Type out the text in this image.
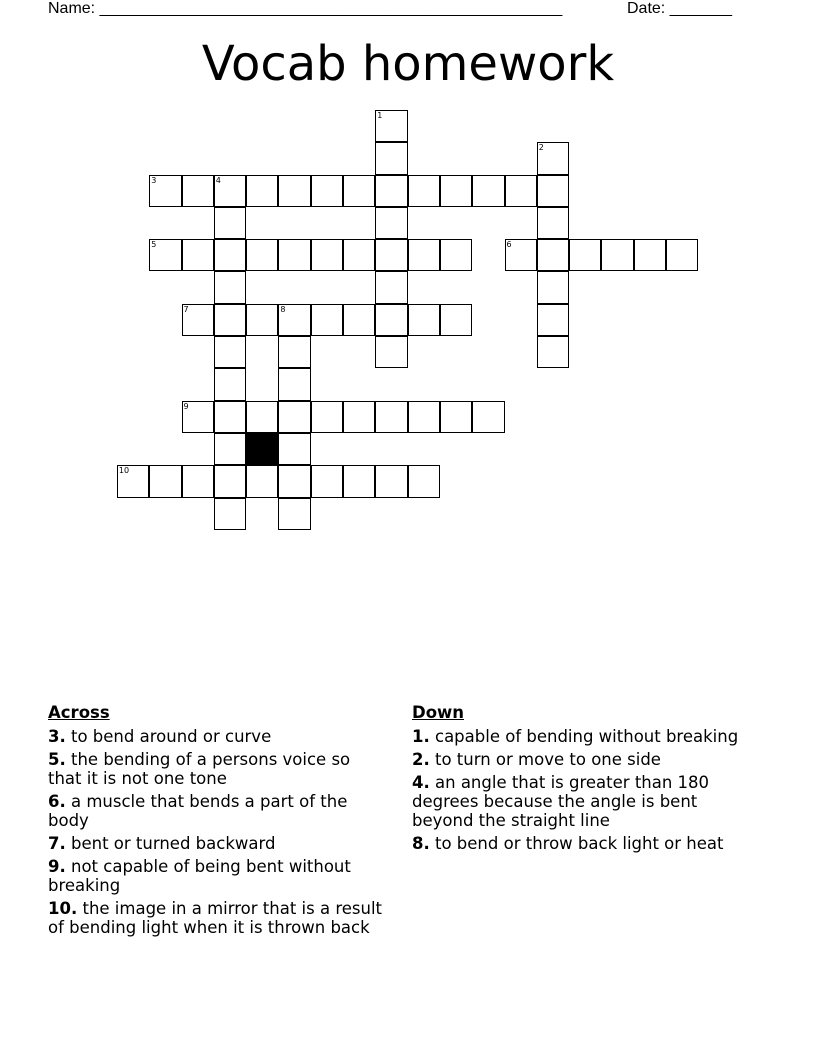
Name: ____________________________________________________	Date: _______
Vocab homework
1
2
3	4
5	6
7	8
9
10
Across
3. to bend around or curve
5. the bending of a persons voice so that it is not one tone
6. a muscle that bends a part of the body
7. bent or turned backward
9. not capable of being bent without breaking
10. the image in a mirror that is a result of bending light when it is thrown back
Down
1. capable of bending without breaking
2. to turn or move to one side
4. an angle that is greater than 180 degrees because the angle is bent beyond the straight line
8. to bend or throw back light or heat
